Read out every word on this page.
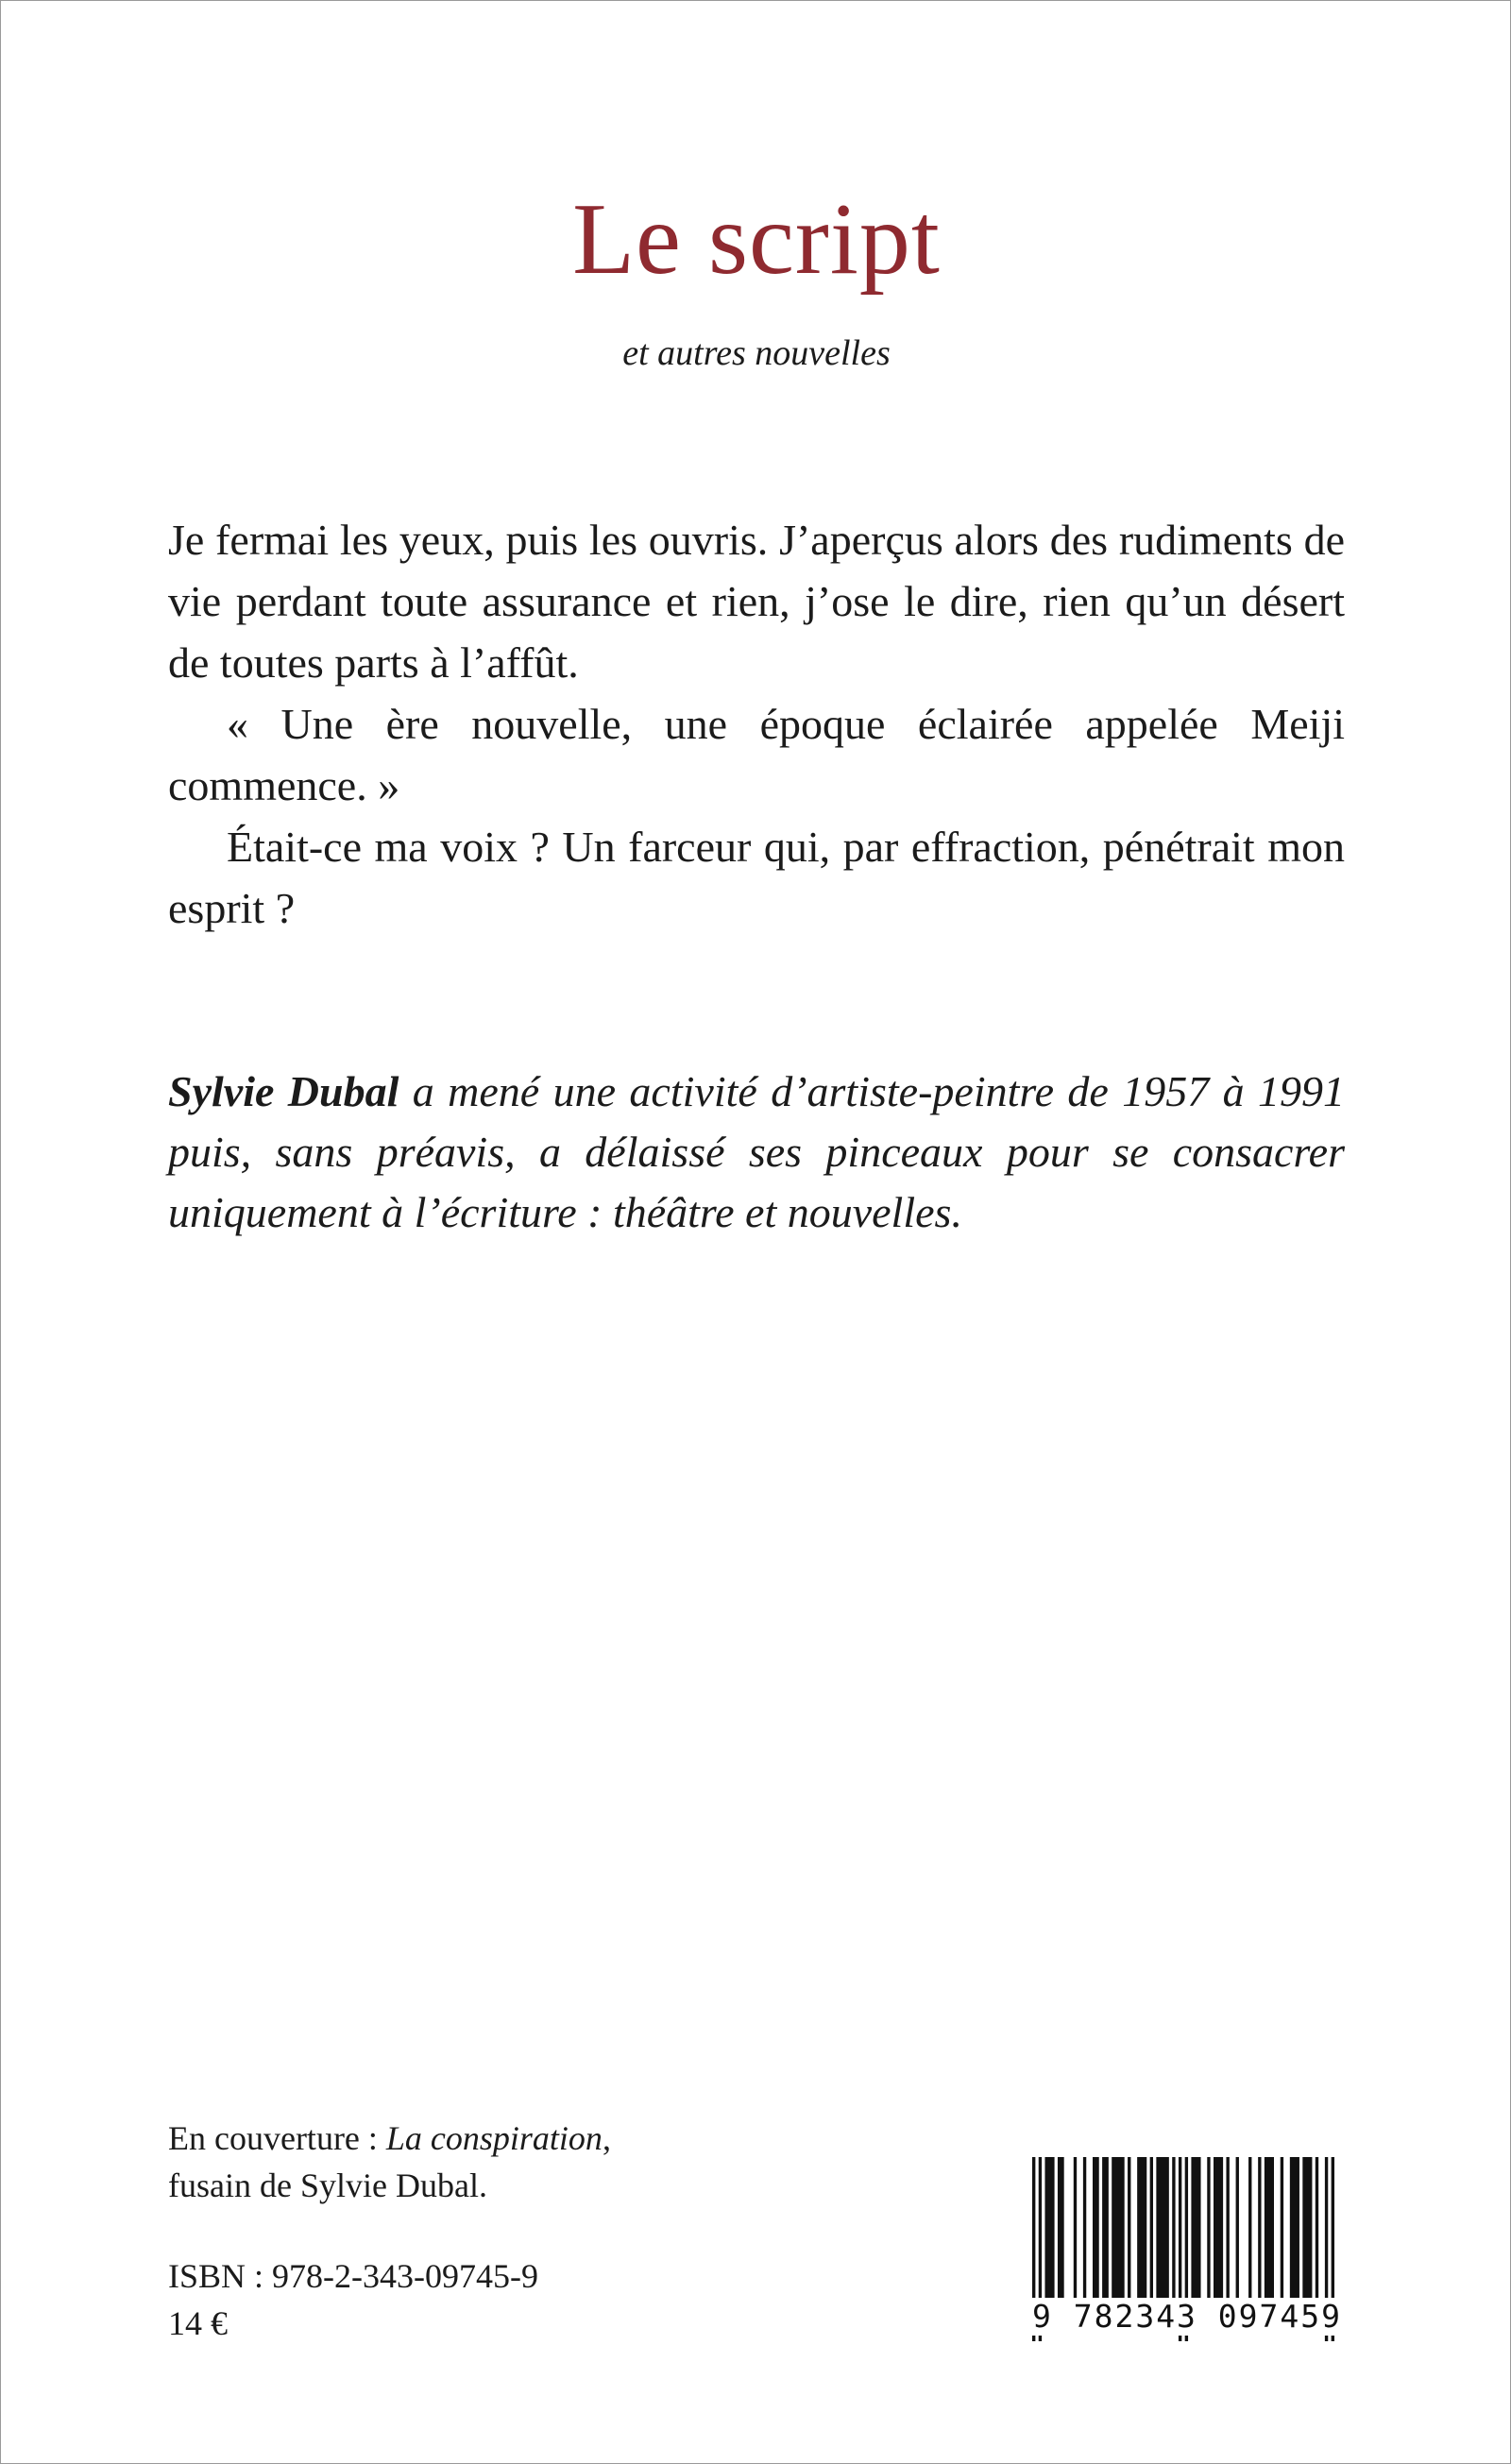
Le script
et autres nouvelles

Je fermai les yeux, puis les ouvris. J’aperçus alors des rudiments de vie perdant toute assurance et rien, j’ose le dire, rien qu’un désert de toutes parts à l’affût.

« Une ère nouvelle, une époque éclairée appelée Meiji commence. »

Était-ce ma voix ? Un farceur qui, par effraction, pénétrait mon esprit ?

Sylvie Dubal a mené une activité d’artiste-peintre de 1957 à 1991 puis, sans préavis, a délaissé ses pinceaux pour se consacrer uniquement à l’écriture : théâtre et nouvelles.
En couverture : La conspiration,
fusain de Sylvie Dubal.
ISBN : 978-2-343-09745-9
14 €	9 782343 097459
